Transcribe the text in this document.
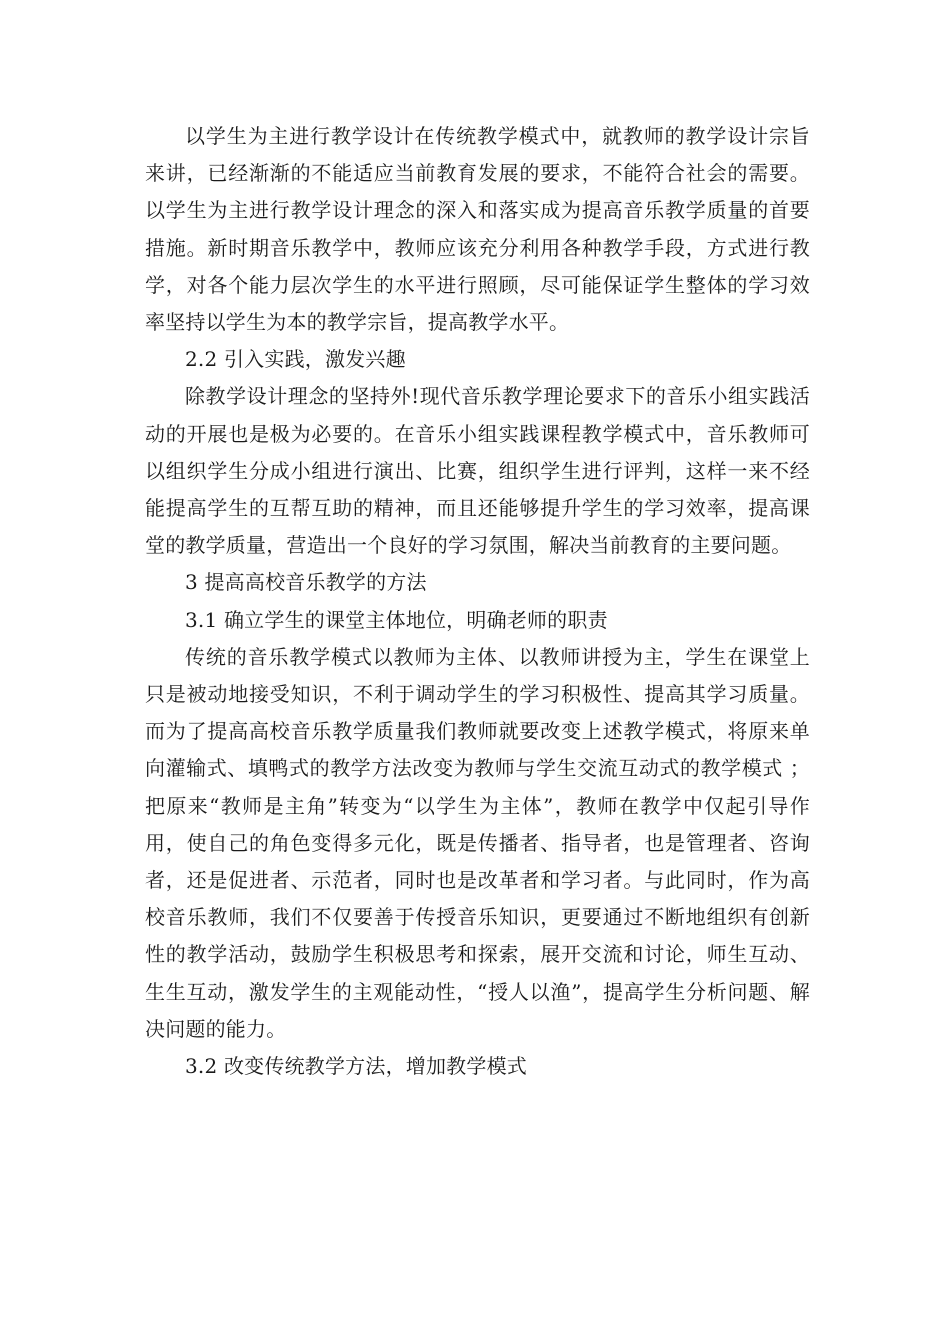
以学生为主进行教学设计在传统教学模式中，就教师的教学设计宗旨来讲，已经渐渐的不能适应当前教育发展的要求，不能符合社会的需要。以学生为主进行教学设计理念的深入和落实成为提高音乐教学质量的首要措施。新时期音乐教学中，教师应该充分利用各种教学手段，方式进行教学，对各个能力层次学生的水平进行照顾，尽可能保证学生整体的学习效率坚持以学生为本的教学宗旨，提高教学水平。

2.2 引入实践，激发兴趣

除教学设计理念的坚持外!现代音乐教学理论要求下的音乐小组实践活动的开展也是极为必要的。在音乐小组实践课程教学模式中，音乐教师可以组织学生分成小组进行演出、比赛，组织学生进行评判，这样一来不经能提高学生的互帮互助的精神，而且还能够提升学生的学习效率，提高课堂的教学质量，营造出一个良好的学习氛围，解决当前教育的主要问题。

3 提高高校音乐教学的方法

3.1 确立学生的课堂主体地位，明确老师的职责

传统的音乐教学模式以教师为主体、以教师讲授为主，学生在课堂上只是被动地接受知识，不利于调动学生的学习积极性、提高其学习质量。而为了提高高校音乐教学质量我们教师就要改变上述教学模式，将原来单向灌输式、填鸭式的教学方法改变为教师与学生交流互动式的教学模式 ；把原来“教师是主角”转变为“以学生为主体”，教师在教学中仅起引导作用，使自己的角色变得多元化，既是传播者、指导者，也是管理者、咨询者，还是促进者、示范者，同时也是改革者和学习者。与此同时，作为高校音乐教师，我们不仅要善于传授音乐知识，更要通过不断地组织有创新性的教学活动，鼓励学生积极思考和探索，展开交流和讨论，师生互动、生生互动，激发学生的主观能动性，“授人以渔”，提高学生分析问题、解决问题的能力。

3.2 改变传统教学方法，增加教学模式
